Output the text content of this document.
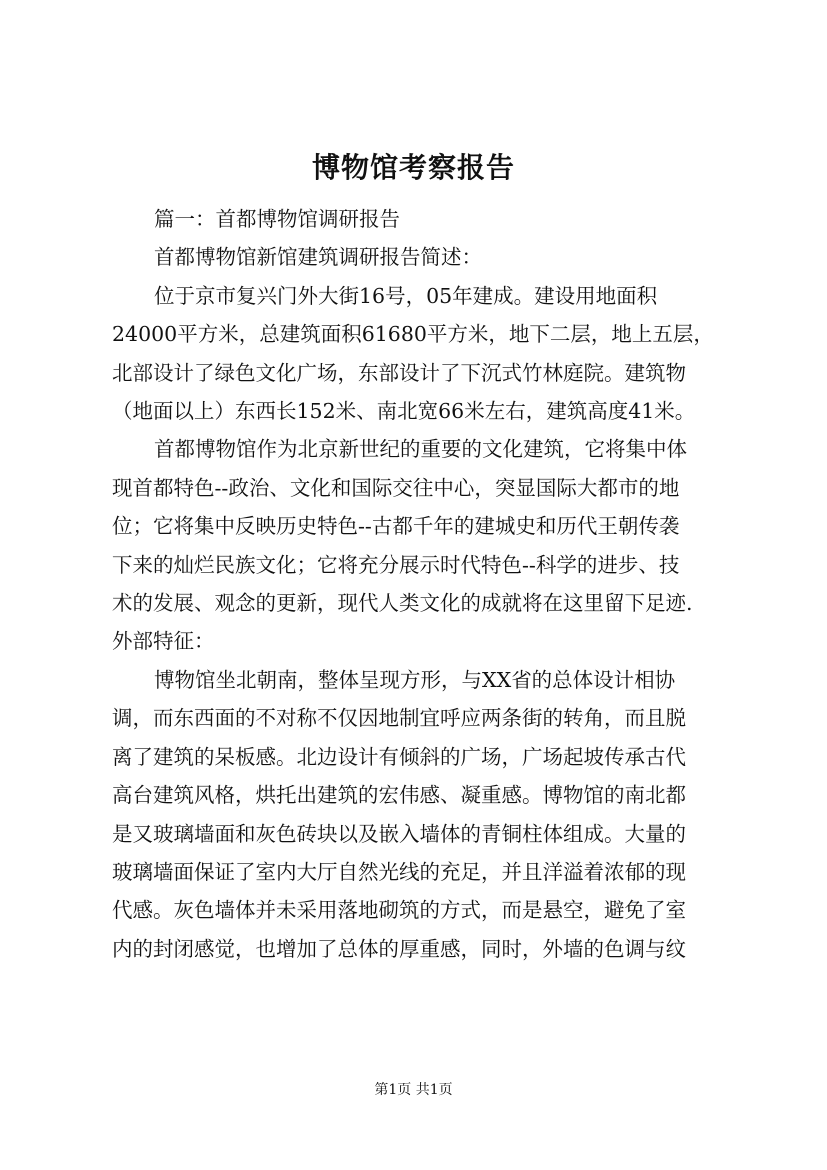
博物馆考察报告
篇一：首都博物馆调研报告
首都博物馆新馆建筑调研报告简述：
位于京市复兴门外大街16号，05年建成。建设用地面积
24000平方米，总建筑面积61680平方米，地下二层，地上五层，
北部设计了绿色文化广场，东部设计了下沉式竹林庭院。建筑物
（地面以上）东西长152米、南北宽66米左右，建筑高度41米。
首都博物馆作为北京新世纪的重要的文化建筑，它将集中体
现首都特色--政治、文化和国际交往中心，突显国际大都市的地
位；它将集中反映历史特色--古都千年的建城史和历代王朝传袭
下来的灿烂民族文化；它将充分展示时代特色--科学的进步、技
术的发展、观念的更新，现代人类文化的成就将在这里留下足迹.
外部特征：
博物馆坐北朝南，整体呈现方形，与XX省的总体设计相协
调，而东西面的不对称不仅因地制宜呼应两条街的转角，而且脱
离了建筑的呆板感。北边设计有倾斜的广场，广场起坡传承古代
高台建筑风格，烘托出建筑的宏伟感、凝重感。博物馆的南北都
是又玻璃墙面和灰色砖块以及嵌入墙体的青铜柱体组成。大量的
玻璃墙面保证了室内大厅自然光线的充足，并且洋溢着浓郁的现
代感。灰色墙体并未采用落地砌筑的方式，而是悬空，避免了室
内的封闭感觉，也增加了总体的厚重感，同时，外墙的色调与纹
第1页 共1页
